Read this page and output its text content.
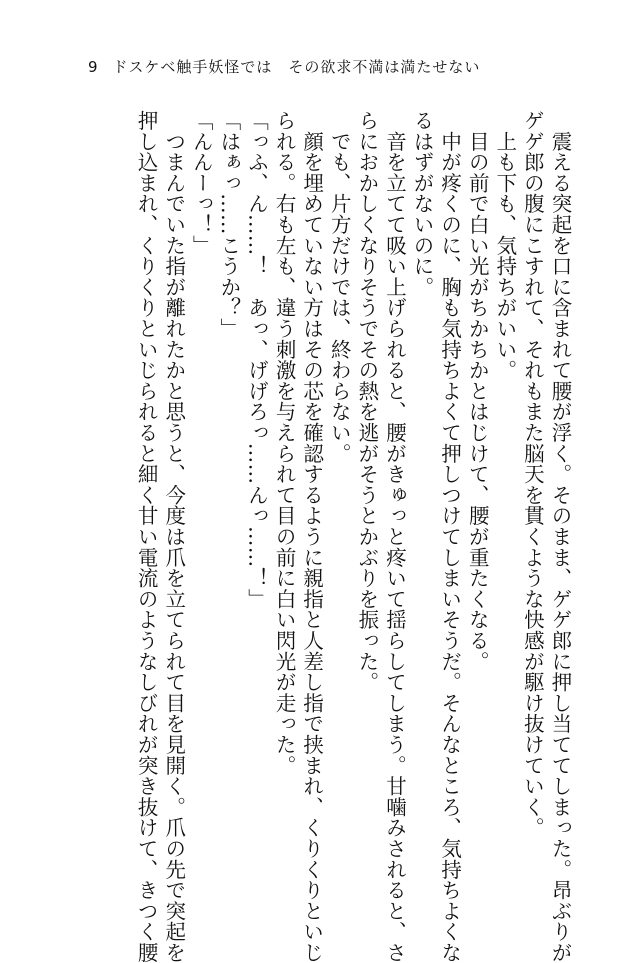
9 ドスケベ触手妖怪では　その欲求不満は満たせない
　震える突起を口に含まれて腰が浮く。そのまま、ゲゲ郎に押し当ててしまった。昂ぶりが
ゲゲ郎の腹にこすれて、それもまた脳天を貫くような快感が駆け抜けていく。
　上も下も、気持ちがいい。
　目の前で白い光がちかちかとはじけて、腰が重たくなる。
　中が疼くのに、胸も気持ちよくて押しつけてしまいそうだ。そんなところ、気持ちよくな
るはずがないのに。
　音を立てて吸い上げられると、腰がきゅっと疼いて揺らしてしまう。甘噛みされると、さ
らにおかしくなりそうでその熱を逃がそうとかぶりを振った。
　でも、片方だけでは、終わらない。
　顔を埋めていない方はその芯を確認するように親指と人差し指で挟まれ、くりくりといじ
られる。右も左も、違う刺激を与えられて目の前に白い閃光が走った。
「っふ、ん……！　あっ、げげろっ……んっ……！」
「はぁっ……こうか？」
「んんーっ！」
　つまんでいた指が離れたかと思うと、今度は爪を立てられて目を見開く。爪の先で突起を
押し込まれ、くりくりといじられると細く甘い電流のようなしびれが突き抜けて、きつく腰
